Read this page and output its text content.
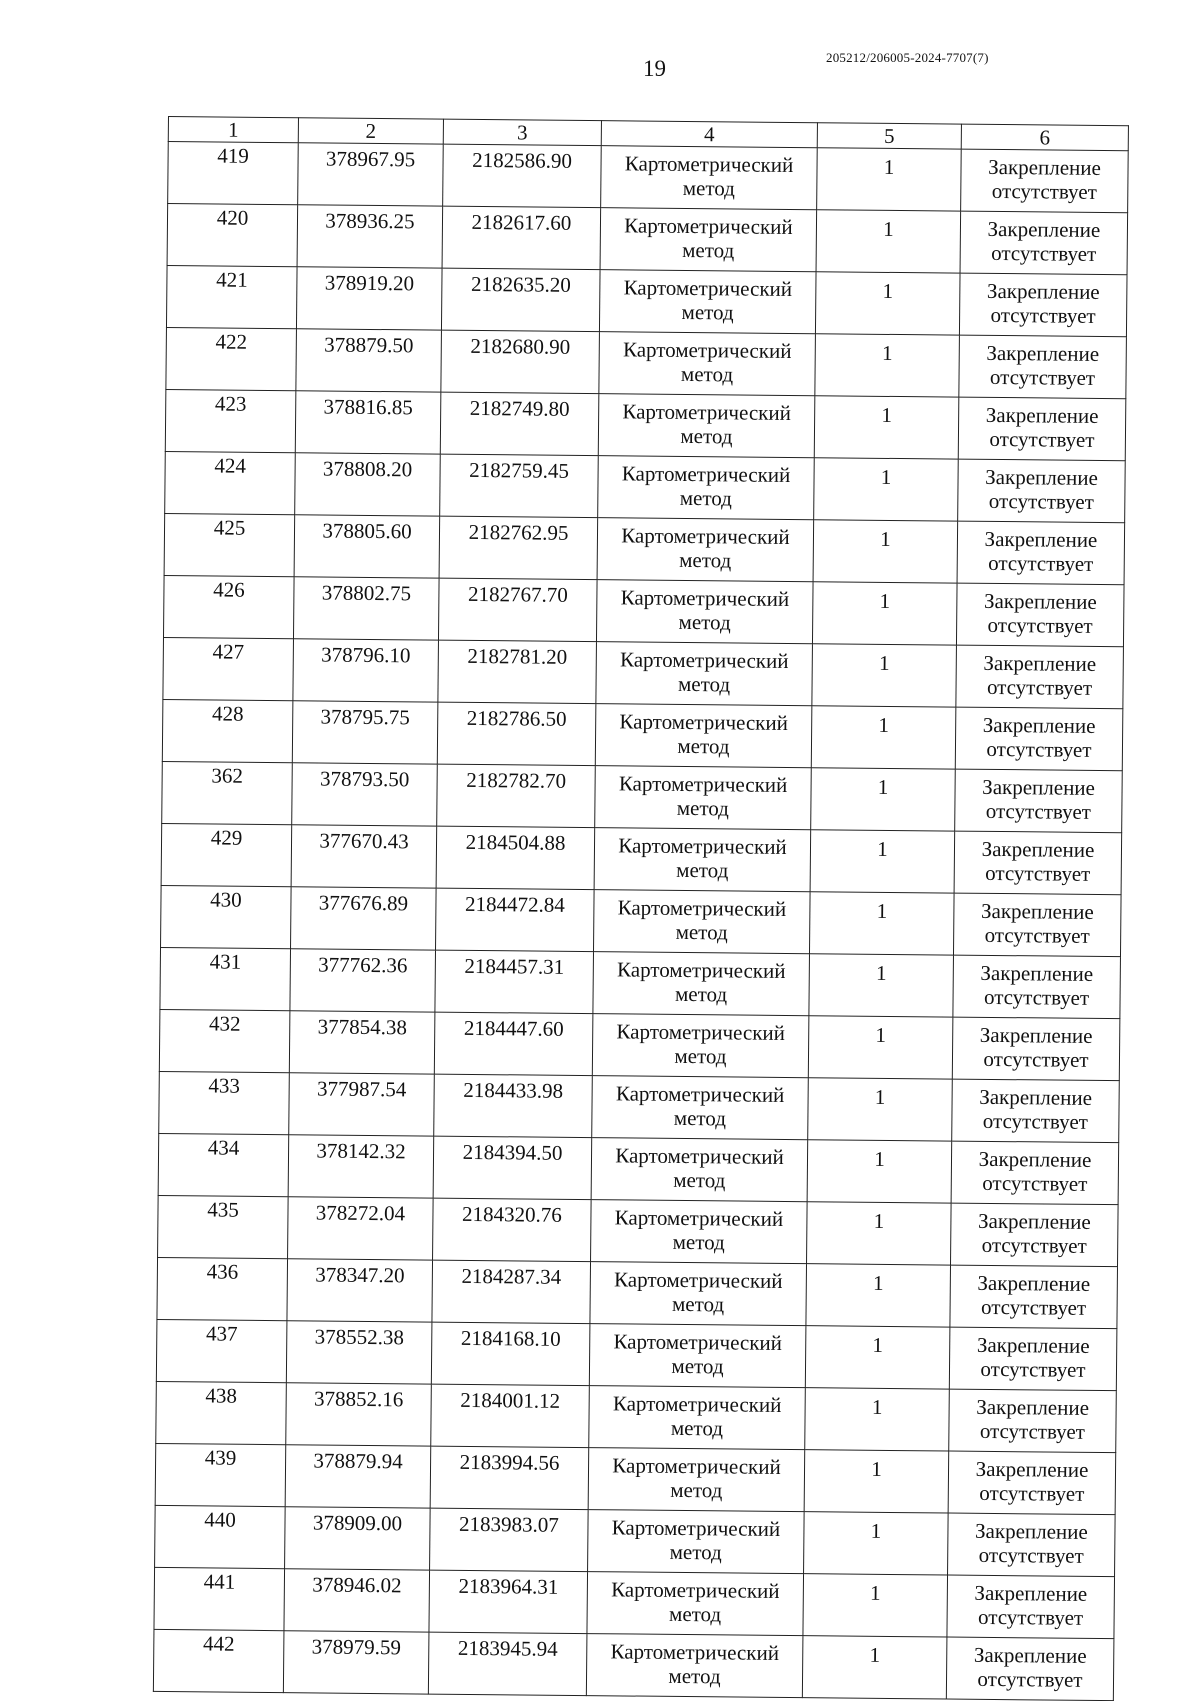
19	205212/206005-2024-7707(7)
1	2	3	4	5	6
419	378967.95	2182586.90	Картометрический
метод	1	Закрепление
отсутствует

420	378936.25	2182617.60	Картометрический
метод	1	Закрепление
отсутствует

421	378919.20	2182635.20	Картометрический
метод	1	Закрепление
отсутствует

422	378879.50	2182680.90	Картометрический
метод	1	Закрепление
отсутствует

423	378816.85	2182749.80	Картометрический
метод	1	Закрепление
отсутствует

424	378808.20	2182759.45	Картометрический
метод	1	Закрепление
отсутствует

425	378805.60	2182762.95	Картометрический
метод	1	Закрепление
отсутствует

426	378802.75	2182767.70	Картометрический
метод	1	Закрепление
отсутствует

427	378796.10	2182781.20	Картометрический
метод	1	Закрепление
отсутствует

428	378795.75	2182786.50	Картометрический
метод	1	Закрепление
отсутствует

362	378793.50	2182782.70	Картометрический
метод	1	Закрепление
отсутствует

429	377670.43	2184504.88	Картометрический
метод	1	Закрепление
отсутствует

430	377676.89	2184472.84	Картометрический
метод	1	Закрепление
отсутствует

431	377762.36	2184457.31	Картометрический
метод	1	Закрепление
отсутствует

432	377854.38	2184447.60	Картометрический
метод	1	Закрепление
отсутствует

433	377987.54	2184433.98	Картометрический
метод	1	Закрепление
отсутствует

434	378142.32	2184394.50	Картометрический
метод	1	Закрепление
отсутствует

435	378272.04	2184320.76	Картометрический
метод	1	Закрепление
отсутствует

436	378347.20	2184287.34	Картометрический
метод	1	Закрепление
отсутствует

437	378552.38	2184168.10	Картометрический
метод	1	Закрепление
отсутствует

438	378852.16	2184001.12	Картометрический
метод	1	Закрепление
отсутствует

439	378879.94	2183994.56	Картометрический
метод	1	Закрепление
отсутствует

440	378909.00	2183983.07	Картометрический
метод	1	Закрепление
отсутствует

441	378946.02	2183964.31	Картометрический
метод	1	Закрепление
отсутствует

442	378979.59	2183945.94	Картометрический
метод	1	Закрепление
отсутствует
